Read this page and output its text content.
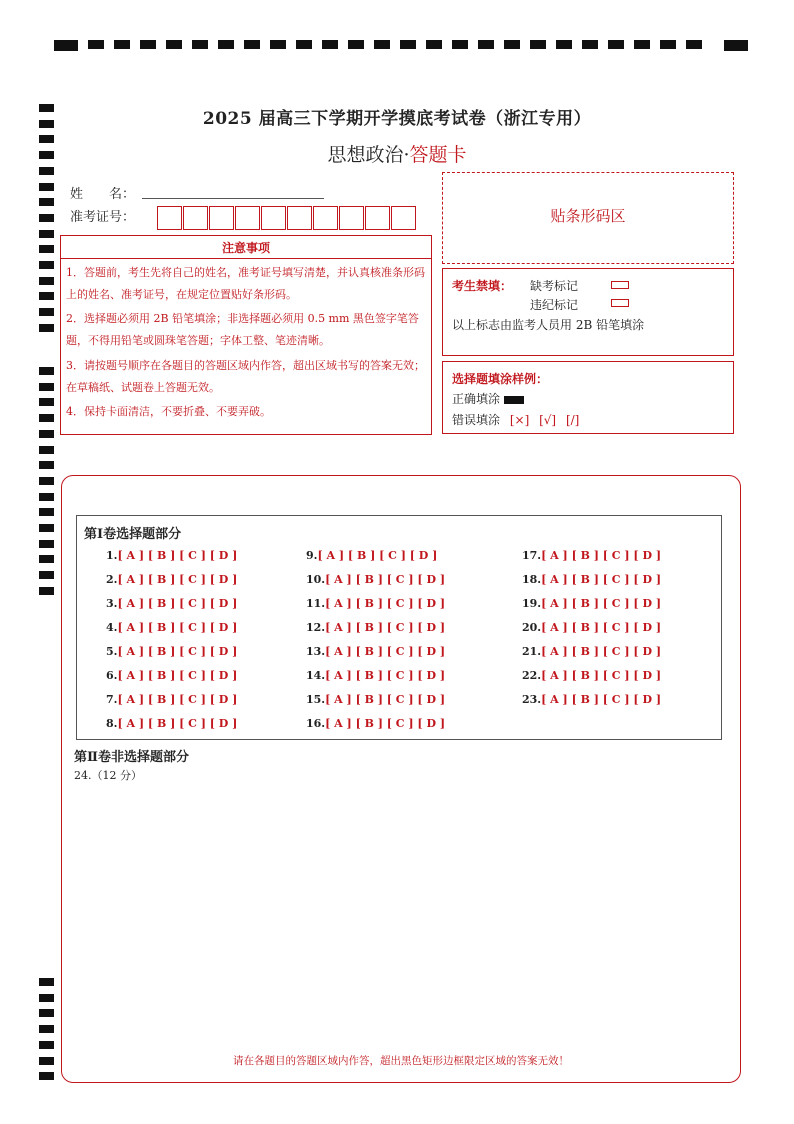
2025 届高三下学期开学摸底考试卷（浙江专用）
思想政治·答题卡
姓　　名：
准考证号：	贴条形码区
注意事项
1．答题前，考生先将自己的姓名，准考证号填写清楚，并认真核准条形码上的姓名、准考证号，在规定位置贴好条形码。
2．选择题必须用 2B 铅笔填涂；非选择题必须用 0.5 mm 黑色签字笔答题，不得用铅笔或圆珠笔答题；字体工整、笔迹清晰。
3．请按题号顺序在各题目的答题区域内作答，超出区域书写的答案无效；在草稿纸、试题卷上答题无效。
4．保持卡面清洁，不要折叠、不要弄破。
考生禁填： 缺考标记
违纪标记
以上标志由监考人员用 2B 铅笔填涂
选择题填涂样例：
正确填涂
错误填涂 [×] [√] [/]
第Ⅰ卷选择题部分
1.[ A ] [ B ] [ C ] [ D ]
2.[ A ] [ B ] [ C ] [ D ]
3.[ A ] [ B ] [ C ] [ D ]
4.[ A ] [ B ] [ C ] [ D ]
5.[ A ] [ B ] [ C ] [ D ]
6.[ A ] [ B ] [ C ] [ D ]
7.[ A ] [ B ] [ C ] [ D ]
8.[ A ] [ B ] [ C ] [ D ]
9.[ A ] [ B ] [ C ] [ D ]
10.[ A ] [ B ] [ C ] [ D ]
11.[ A ] [ B ] [ C ] [ D ]
12.[ A ] [ B ] [ C ] [ D ]
13.[ A ] [ B ] [ C ] [ D ]
14.[ A ] [ B ] [ C ] [ D ]
15.[ A ] [ B ] [ C ] [ D ]
16.[ A ] [ B ] [ C ] [ D ]
17.[ A ] [ B ] [ C ] [ D ]
18.[ A ] [ B ] [ C ] [ D ]
19.[ A ] [ B ] [ C ] [ D ]
20.[ A ] [ B ] [ C ] [ D ]
21.[ A ] [ B ] [ C ] [ D ]
22.[ A ] [ B ] [ C ] [ D ]
23.[ A ] [ B ] [ C ] [ D ]
第Ⅱ卷非选择题部分
24.（12 分）
请在各题目的答题区域内作答，超出黑色矩形边框限定区域的答案无效！
